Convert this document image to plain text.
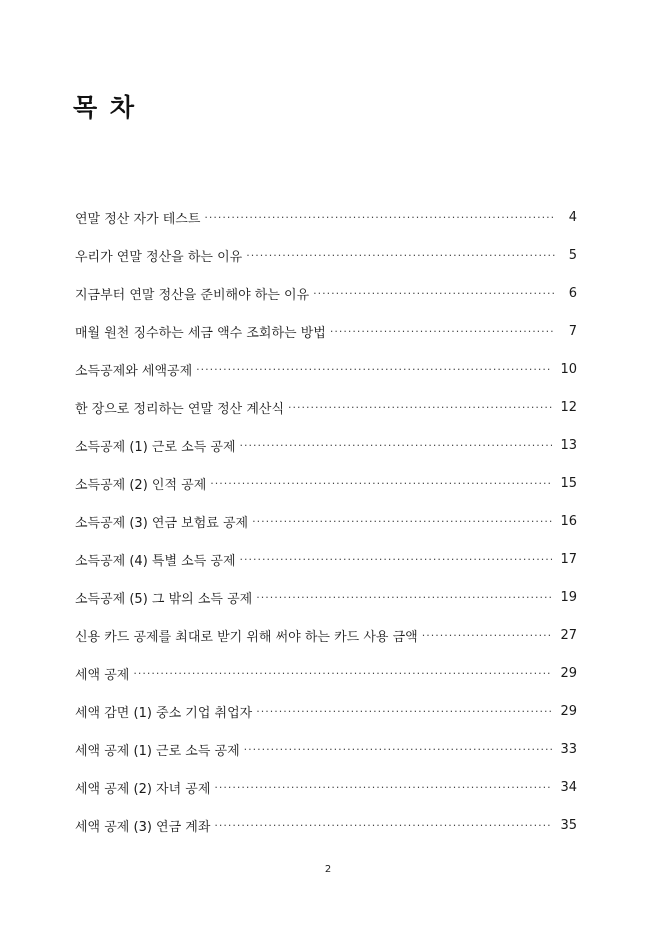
목 차
연말 정산 자가 테스트 ·····	4
우리가 연말 정산을 하는 이유 ·····	5
지금부터 연말 정산을 준비해야 하는 이유 ·····	6
매월 원천 징수하는 세금 액수 조회하는 방법 ·····	7
소득공제와 세액공제 ·····	10
한 장으로 정리하는 연말 정산 계산식 ·····	12
소득공제 (1) 근로 소득 공제 ·····	13
소득공제 (2) 인적 공제 ·····	15
소득공제 (3) 연금 보험료 공제 ·····	16
소득공제 (4) 특별 소득 공제 ·····	17
소득공제 (5) 그 밖의 소득 공제 ·····	19
신용 카드 공제를 최대로 받기 위해 써야 하는 카드 사용 금액 ·····	27
세액 공제 ·····	29
세액 감면 (1) 중소 기업 취업자 ·····	29
세액 공제 (1) 근로 소득 공제 ·····	33
세액 공제 (2) 자녀 공제 ·····	34
세액 공제 (3) 연금 계좌 ·····	35
2
